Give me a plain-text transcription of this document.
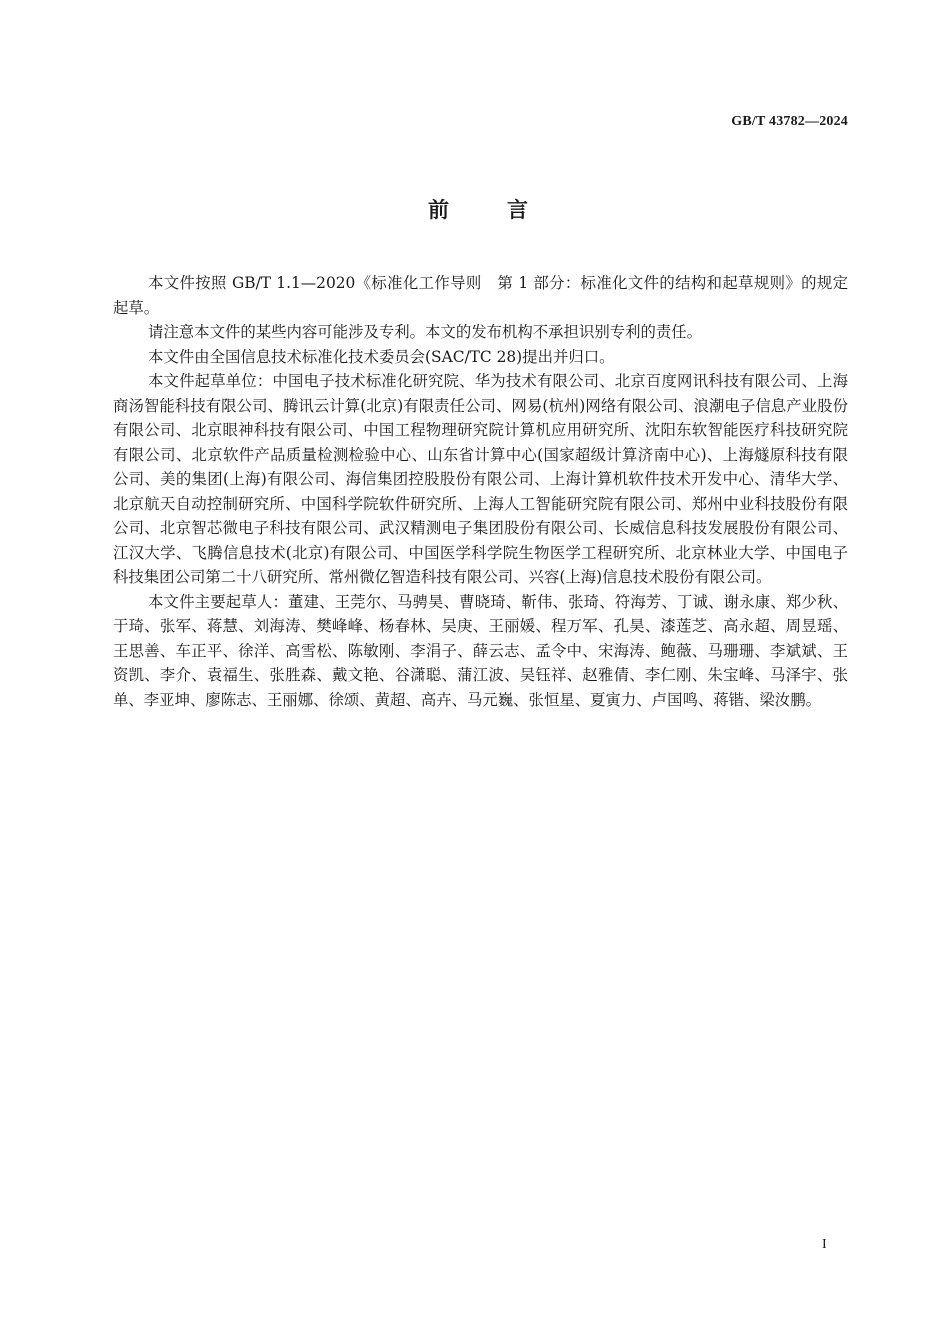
GB/T 43782—2024
前言

本文件按照 GB/T 1.1—2020《标准化工作导则　第 1 部分：标准化文件的结构和起草规则》的规定起草。

请注意本文件的某些内容可能涉及专利。本文的发布机构不承担识别专利的责任。

本文件由全国信息技术标准化技术委员会(SAC/TC 28)提出并归口。

本文件起草单位：中国电子技术标准化研究院、华为技术有限公司、北京百度网讯科技有限公司、上海商汤智能科技有限公司、腾讯云计算(北京)有限责任公司、网易(杭州)网络有限公司、浪潮电子信息产业股份有限公司、北京眼神科技有限公司、中国工程物理研究院计算机应用研究所、沈阳东软智能医疗科技研究院有限公司、北京软件产品质量检测检验中心、山东省计算中心(国家超级计算济南中心)、上海燧原科技有限公司、美的集团(上海)有限公司、海信集团控股股份有限公司、上海计算机软件技术开发中心、清华大学、北京航天自动控制研究所、中国科学院软件研究所、上海人工智能研究院有限公司、郑州中业科技股份有限公司、北京智芯微电子科技有限公司、武汉精测电子集团股份有限公司、长威信息科技发展股份有限公司、江汉大学、飞腾信息技术(北京)有限公司、中国医学科学院生物医学工程研究所、北京林业大学、中国电子科技集团公司第二十八研究所、常州微亿智造科技有限公司、兴容(上海)信息技术股份有限公司。

本文件主要起草人：董建、王莞尔、马骋昊、曹晓琦、靳伟、张琦、符海芳、丁诚、谢永康、郑少秋、于琦、张军、蒋慧、刘海涛、樊峰峰、杨春林、吴庚、王丽媛、程万军、孔昊、漆莲芝、高永超、周昱瑶、王思善、车正平、徐洋、高雪松、陈敏刚、李涓子、薛云志、孟令中、宋海涛、鲍薇、马珊珊、李斌斌、王资凯、李介、袁福生、张胜森、戴文艳、谷潇聪、蒲江波、吴钰祥、赵雅倩、李仁刚、朱宝峰、马泽宇、张单、李亚坤、廖陈志、王丽娜、徐颂、黄超、高卉、马元巍、张恒星、夏寅力、卢国鸣、蒋锴、梁汝鹏。

I
